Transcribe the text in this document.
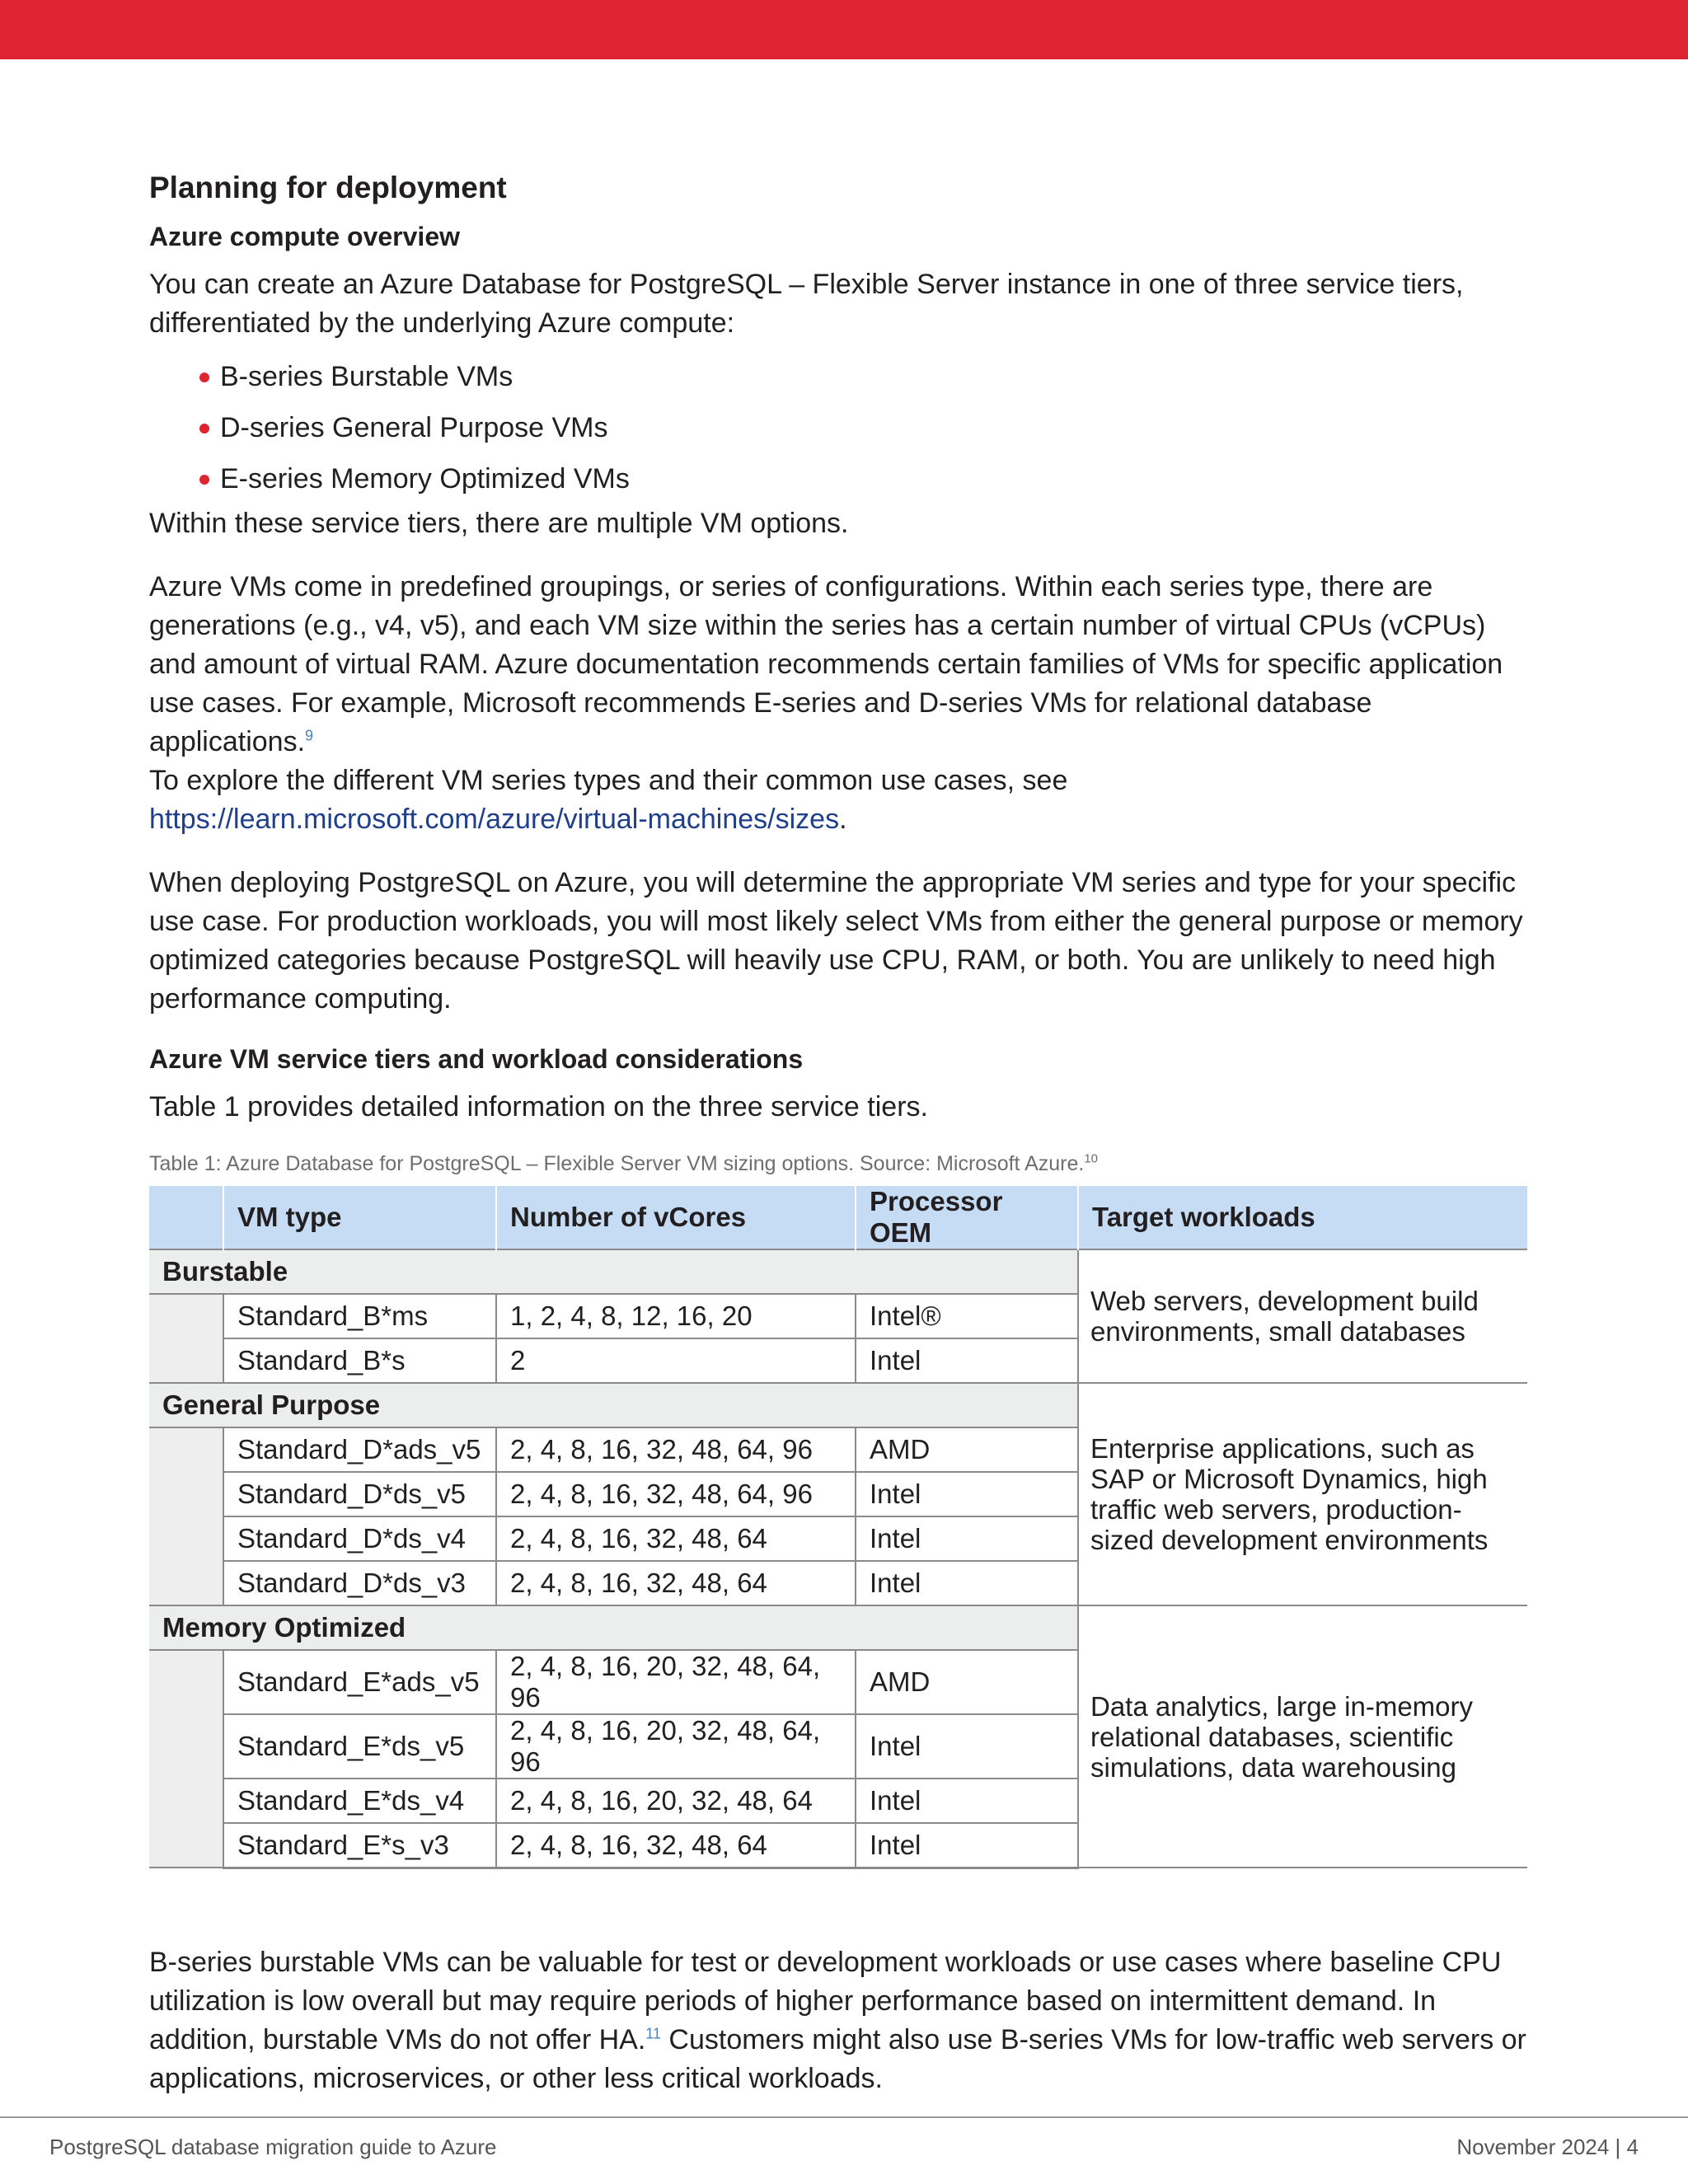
Planning for deployment
Azure compute overview

You can create an Azure Database for PostgreSQL – Flexible Server instance in one of three service tiers, differentiated by the underlying Azure compute:

B-series Burstable VMs
D-series General Purpose VMs
E-series Memory Optimized VMs

Within these service tiers, there are multiple VM options.

Azure VMs come in predefined groupings, or series of configurations. Within each series type, there are generations (e.g., v4, v5), and each VM size within the series has a certain number of virtual CPUs (vCPUs) and amount of virtual RAM. Azure documentation recommends certain families of VMs for specific application use cases. For example, Microsoft recommends E-series and D-series VMs for relational database applications.$^9$
To explore the different VM series types and their common use cases, see https://learn.microsoft.com/azure/virtual-machines/sizes.

When deploying PostgreSQL on Azure, you will determine the appropriate VM series and type for your specific use case. For production workloads, you will most likely select VMs from either the general purpose or memory optimized categories because PostgreSQL will heavily use CPU, RAM, or both. You are unlikely to need high performance computing.

Azure VM service tiers and workload considerations

Table 1 provides detailed information on the three service tiers.

Table 1: Azure Database for PostgreSQL – Flexible Server VM sizing options. Source: Microsoft Azure.$^{10}$
	VM type	Number of vCores	Processor OEM	Target workloads
Burstable				Web servers, development build environments, small databases
	Standard_B*ms	1, 2, 4, 8, 12, 16, 20	Intel®	
	Standard_B*s	2	Intel	
General Purpose				Enterprise applications, such as SAP or Microsoft Dynamics, high traffic web servers, production-sized development environments
	Standard_D*ads_v5	2, 4, 8, 16, 32, 48, 64, 96	AMD	
	Standard_D*ds_v5	2, 4, 8, 16, 32, 48, 64, 96	Intel	
	Standard_D*ds_v4	2, 4, 8, 16, 32, 48, 64	Intel	
	Standard_D*ds_v3	2, 4, 8, 16, 32, 48, 64	Intel	
Memory Optimized				Data analytics, large in-memory relational databases, scientific simulations, data warehousing
	Standard_E*ads_v5	2, 4, 8, 16, 20, 32, 48, 64, 96	AMD	
	Standard_E*ds_v5	2, 4, 8, 16, 20, 32, 48, 64, 96	Intel	
	Standard_E*ds_v4	2, 4, 8, 16, 20, 32, 48, 64	Intel	
	Standard_E*s_v3	2, 4, 8, 16, 32, 48, 64	Intel	

B-series burstable VMs can be valuable for test or development workloads or use cases where baseline CPU utilization is low overall but may require periods of higher performance based on intermittent demand. In addition, burstable VMs do not offer HA.$^{11}$ Customers might also use B-series VMs for low-traffic web servers or applications, microservices, or other less critical workloads.

PostgreSQL database migration guide to Azure	November 2024 | 4
